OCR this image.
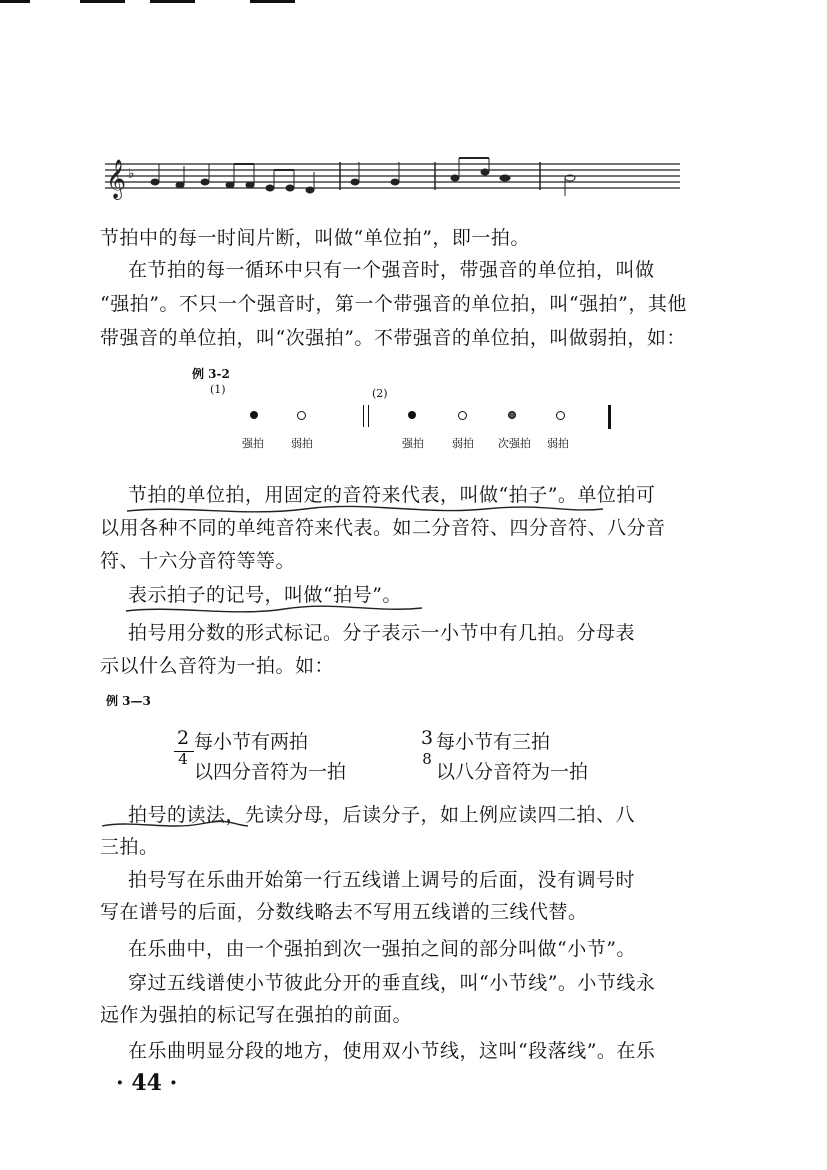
𝄞 ♭
节拍中的每一时间片断，叫做“单位拍”，即一拍。
在节拍的每一循环中只有一个强音时，带强音的单位拍，叫做
“强拍”。不只一个强音时，第一个带强音的单位拍，叫“强拍”，其他
带强音的单位拍，叫“次强拍”。不带强音的单位拍，叫做弱拍，如：
例 3-2
(1)	(2)
强拍 弱拍	强拍	弱拍 次强拍 弱拍
节拍的单位拍，用固定的音符来代表，叫做“拍子”。单位拍可
以用各种不同的单纯音符来代表。如二分音符、四分音符、八分音
符、十六分音符等等。
表示拍子的记号，叫做“拍号”。
拍号用分数的形式标记。分子表示一小节中有几拍。分母表
示以什么音符为一拍。如：
例 3—3
2
4
每小节有两拍
以四分音符为一拍
3
8
每小节有三拍
以八分音符为一拍
拍号的读法，先读分母，后读分子，如上例应读四二拍、八
三拍。
拍号写在乐曲开始第一行五线谱上调号的后面，没有调号时
写在谱号的后面，分数线略去不写用五线谱的三线代替。
在乐曲中，由一个强拍到次一强拍之间的部分叫做“小节”。
穿过五线谱使小节彼此分开的垂直线，叫“小节线”。小节线永
远作为强拍的标记写在强拍的前面。
在乐曲明显分段的地方，使用双小节线，这叫“段落线”。在乐
· 44 ·
